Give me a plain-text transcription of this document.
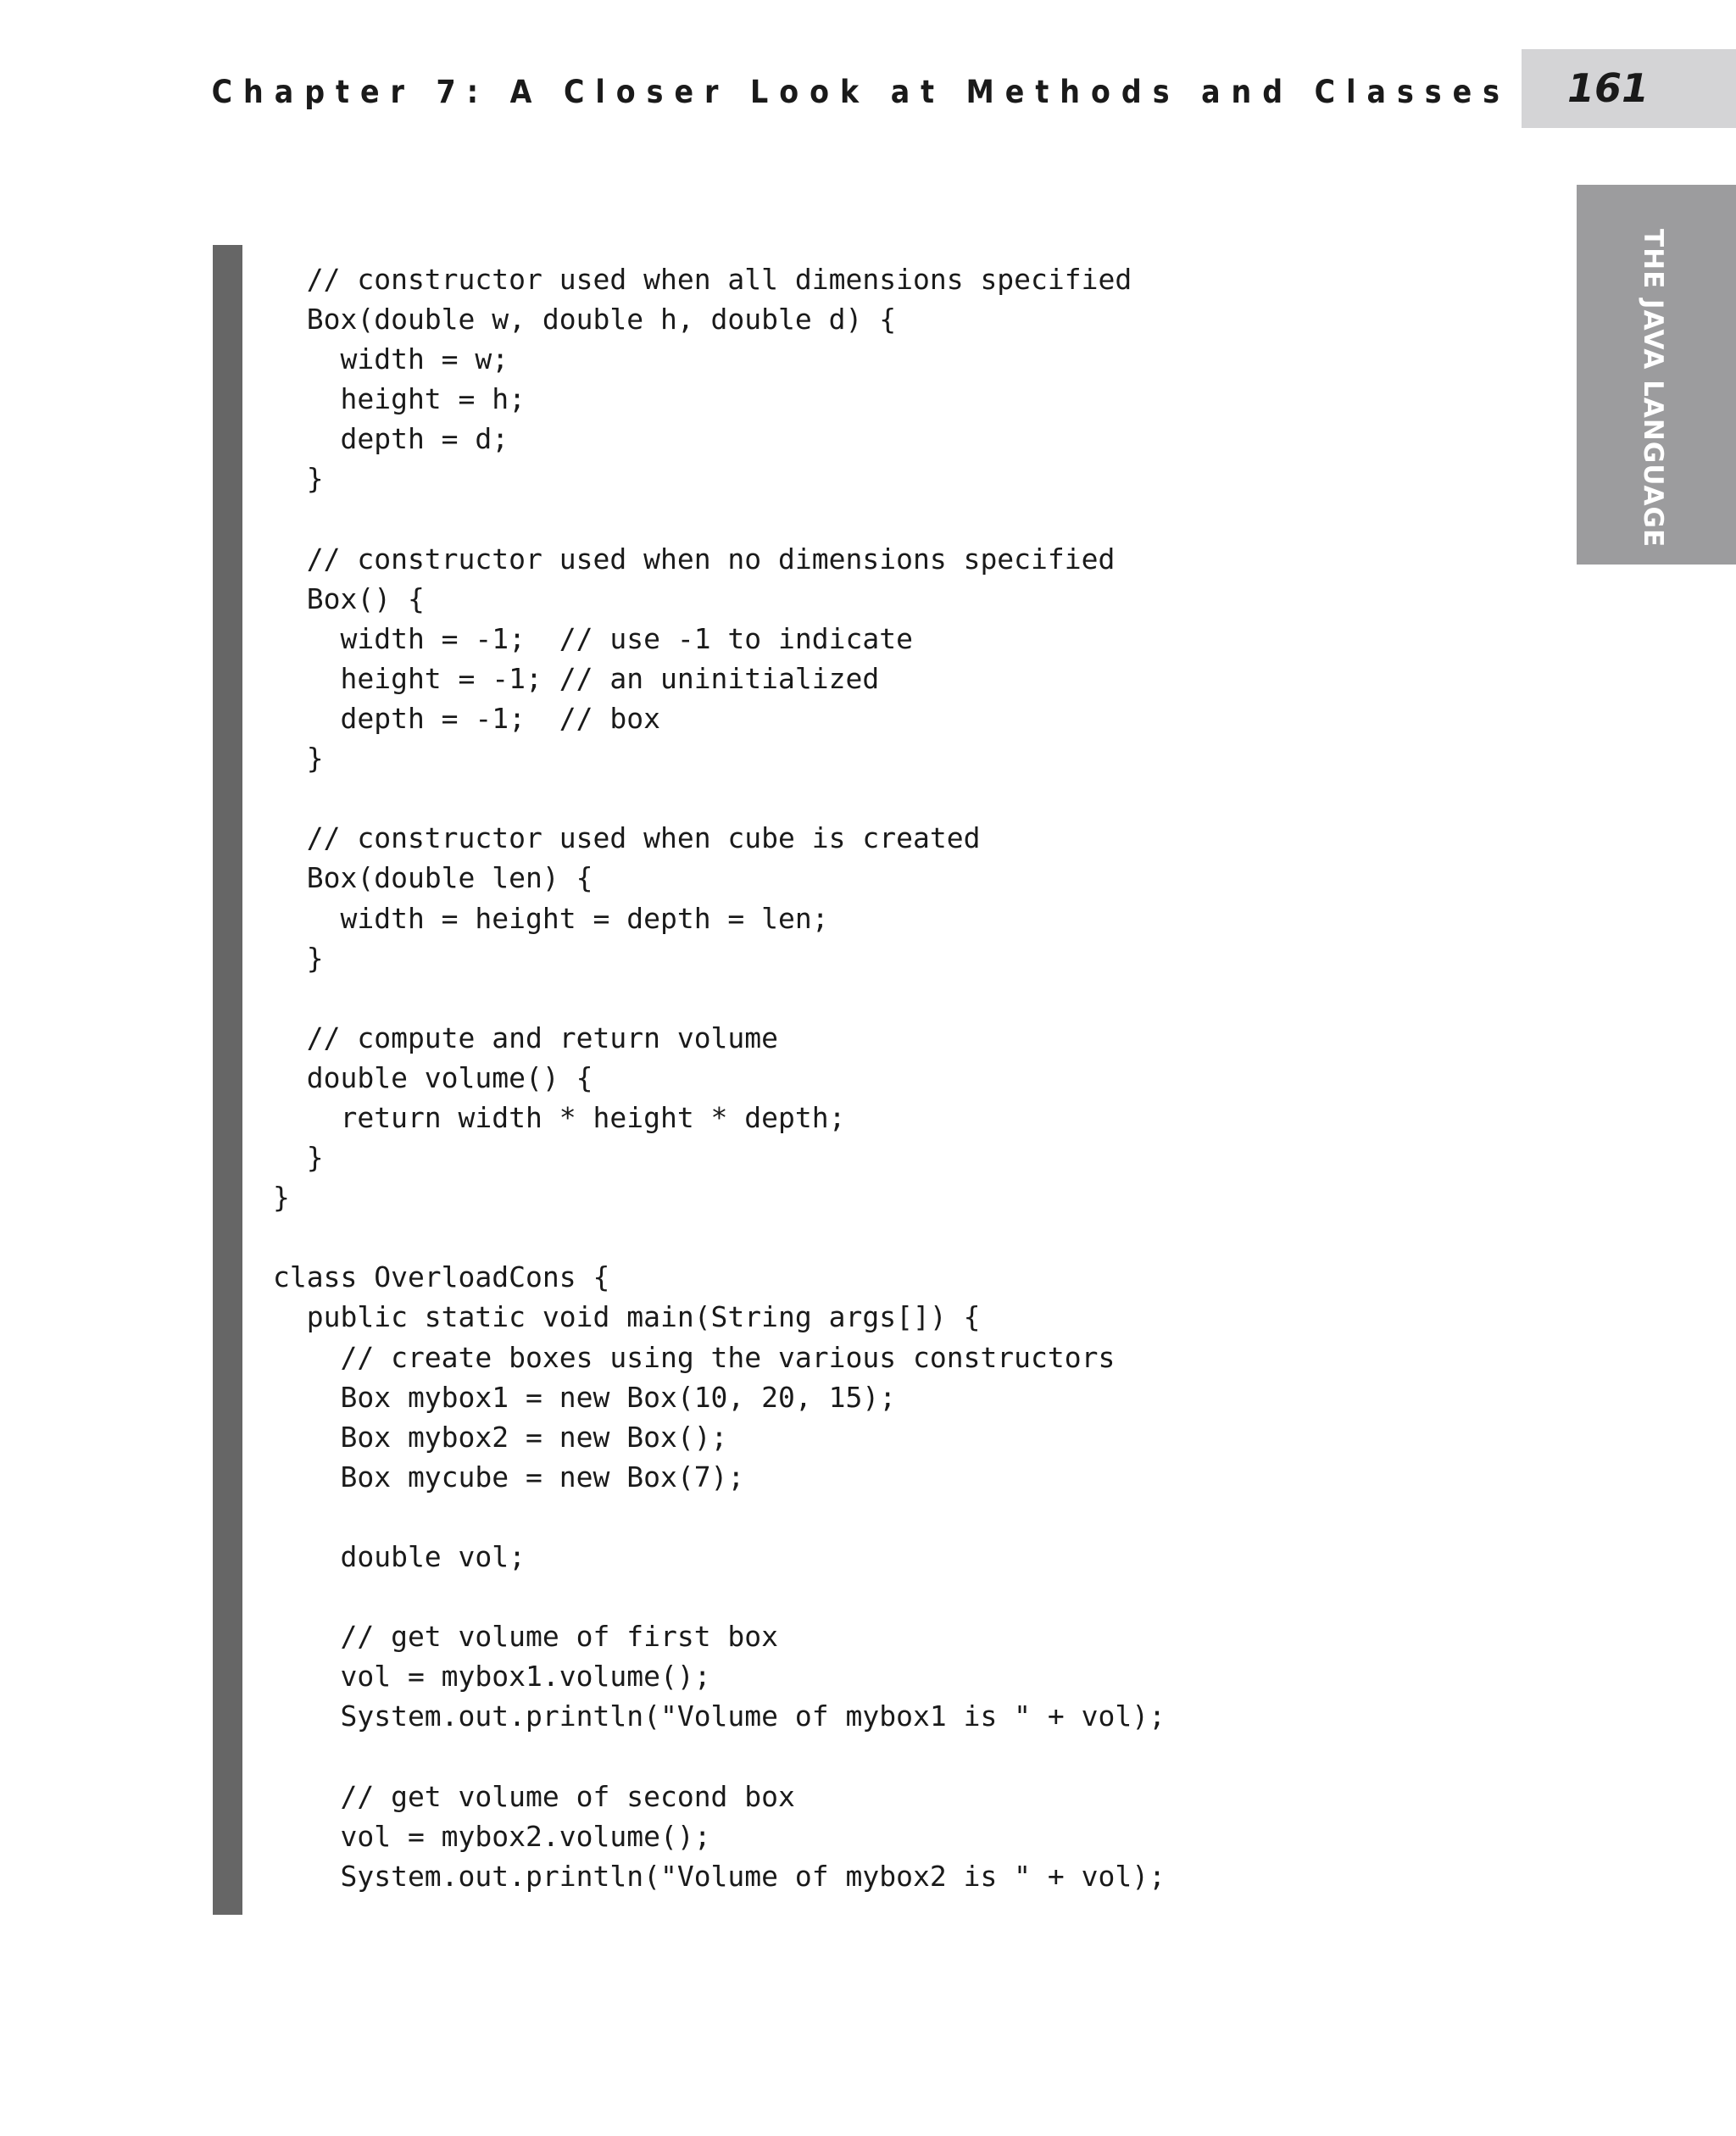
Chapter 7: A Closer Look at Methods and Classes 161
THE JAVA LANGUAGE
// constructor used when all dimensions specified
Box(double w, double h, double d) {
width = w;
height = h;
depth = d;
}
// constructor used when no dimensions specified
Box() {
width = -1;  // use -1 to indicate
height = -1; // an uninitialized
depth = -1;  // box
}
// constructor used when cube is created
Box(double len) {
width = height = depth = len;
}
// compute and return volume
double volume() {
return width * height * depth;
}
}
class OverloadCons {
public static void main(String args[]) {
// create boxes using the various constructors
Box mybox1 = new Box(10, 20, 15);
Box mybox2 = new Box();
Box mycube = new Box(7);
double vol;
// get volume of first box
vol = mybox1.volume();
System.out.println("Volume of mybox1 is " + vol);
// get volume of second box
vol = mybox2.volume();
System.out.println("Volume of mybox2 is " + vol);
